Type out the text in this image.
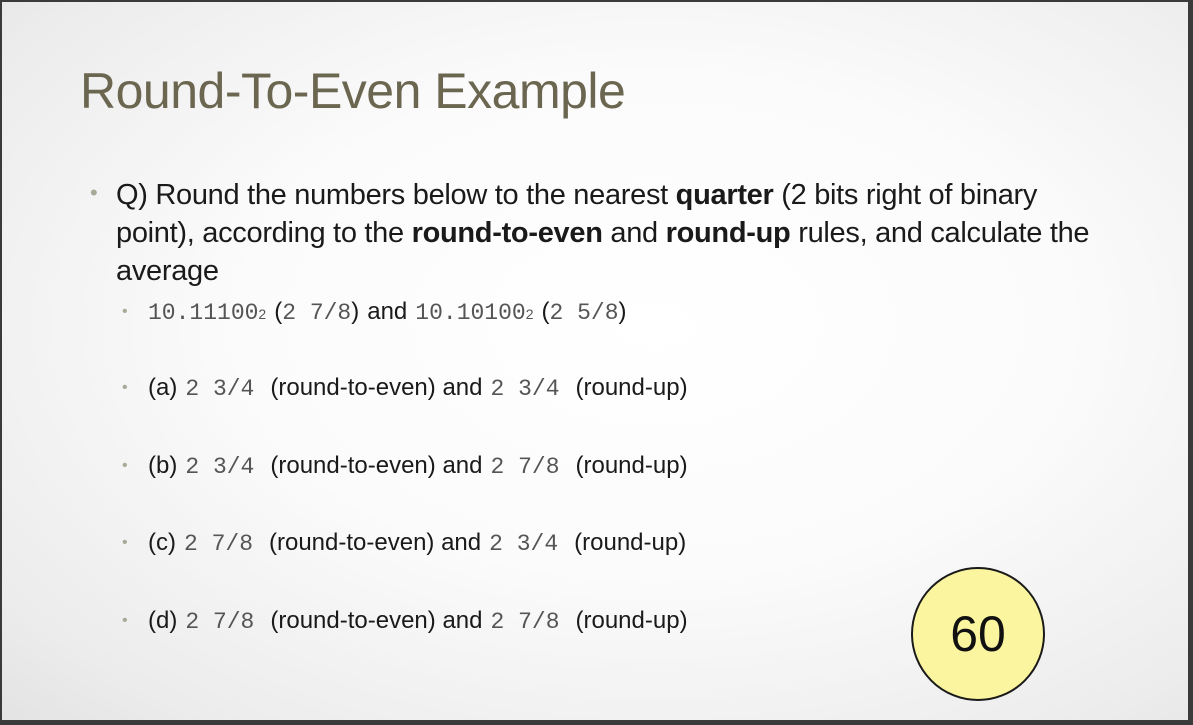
Round-To-Even Example
• Q) Round the numbers below to the nearest quarter (2 bits right of binary point), according to the round-to-even and round-up rules, and calculate the average
• 10.11100 2 ( 2 7/8 ) and 10.10100 2 ( 2 5/8 )
• (a) 2 3/4 (round-to-even) and 2 3/4 (round-up)
• (b) 2 3/4 (round-to-even) and 2 7/8 (round-up)
• (c) 2 7/8 (round-to-even) and 2 3/4 (round-up)
• (d) 2 7/8 (round-to-even) and 2 7/8 (round-up)	60
